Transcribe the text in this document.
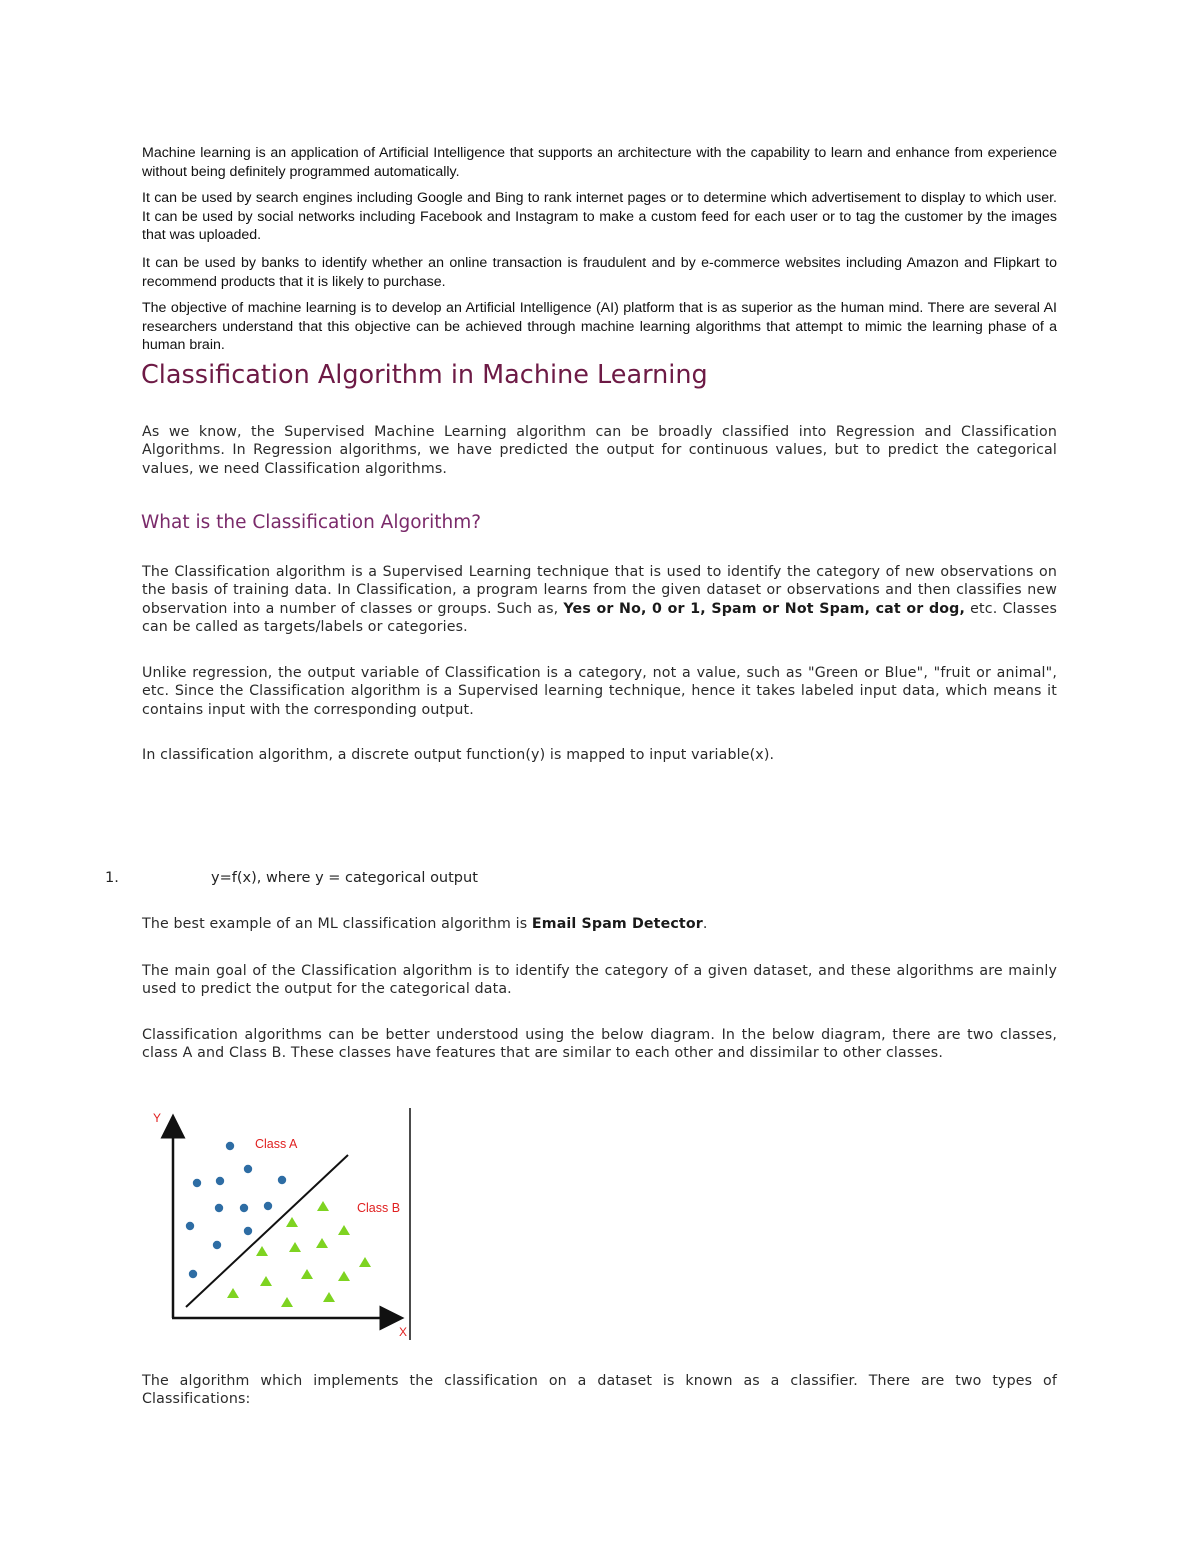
Machine learning is an application of Artificial Intelligence that supports an architecture with the capability to learn and enhance from experience without being definitely programmed automatically.

It can be used by search engines including Google and Bing to rank internet pages or to determine which advertisement to display to which user. It can be used by social networks including Facebook and Instagram to make a custom feed for each user or to tag the customer by the images that was uploaded.

It can be used by banks to identify whether an online transaction is fraudulent and by e-commerce websites including Amazon and Flipkart to recommend products that it is likely to purchase.

The objective of machine learning is to develop an Artificial Intelligence (AI) platform that is as superior as the human mind. There are several AI researchers understand that this objective can be achieved through machine learning algorithms that attempt to mimic the learning phase of a human brain.

Classification Algorithm in Machine Learning

As we know, the Supervised Machine Learning algorithm can be broadly classified into Regression and Classification Algorithms. In Regression algorithms, we have predicted the output for continuous values, but to predict the categorical values, we need Classification algorithms.

What is the Classification Algorithm?

The Classification algorithm is a Supervised Learning technique that is used to identify the category of new observations on the basis of training data. In Classification, a program learns from the given dataset or observations and then classifies new observation into a number of classes or groups. Such as, Yes or No, 0 or 1, Spam or Not Spam, cat or dog, etc. Classes can be called as targets/labels or categories.

Unlike regression, the output variable of Classification is a category, not a value, such as "Green or Blue", "fruit or animal", etc. Since the Classification algorithm is a Supervised learning technique, hence it takes labeled input data, which means it contains input with the corresponding output.

In classification algorithm, a discrete output function(y) is mapped to input variable(x).

1.	y=f(x), where y = categorical output

The best example of an ML classification algorithm is Email Spam Detector.

The main goal of the Classification algorithm is to identify the category of a given dataset, and these algorithms are mainly used to predict the output for the categorical data.

Classification algorithms can be better understood using the below diagram. In the below diagram, there are two classes, class A and Class B. These classes have features that are similar to each other and dissimilar to other classes.

Y
X
Class A
Class B

The algorithm which implements the classification on a dataset is known as a classifier. There are two types of Classifications:
